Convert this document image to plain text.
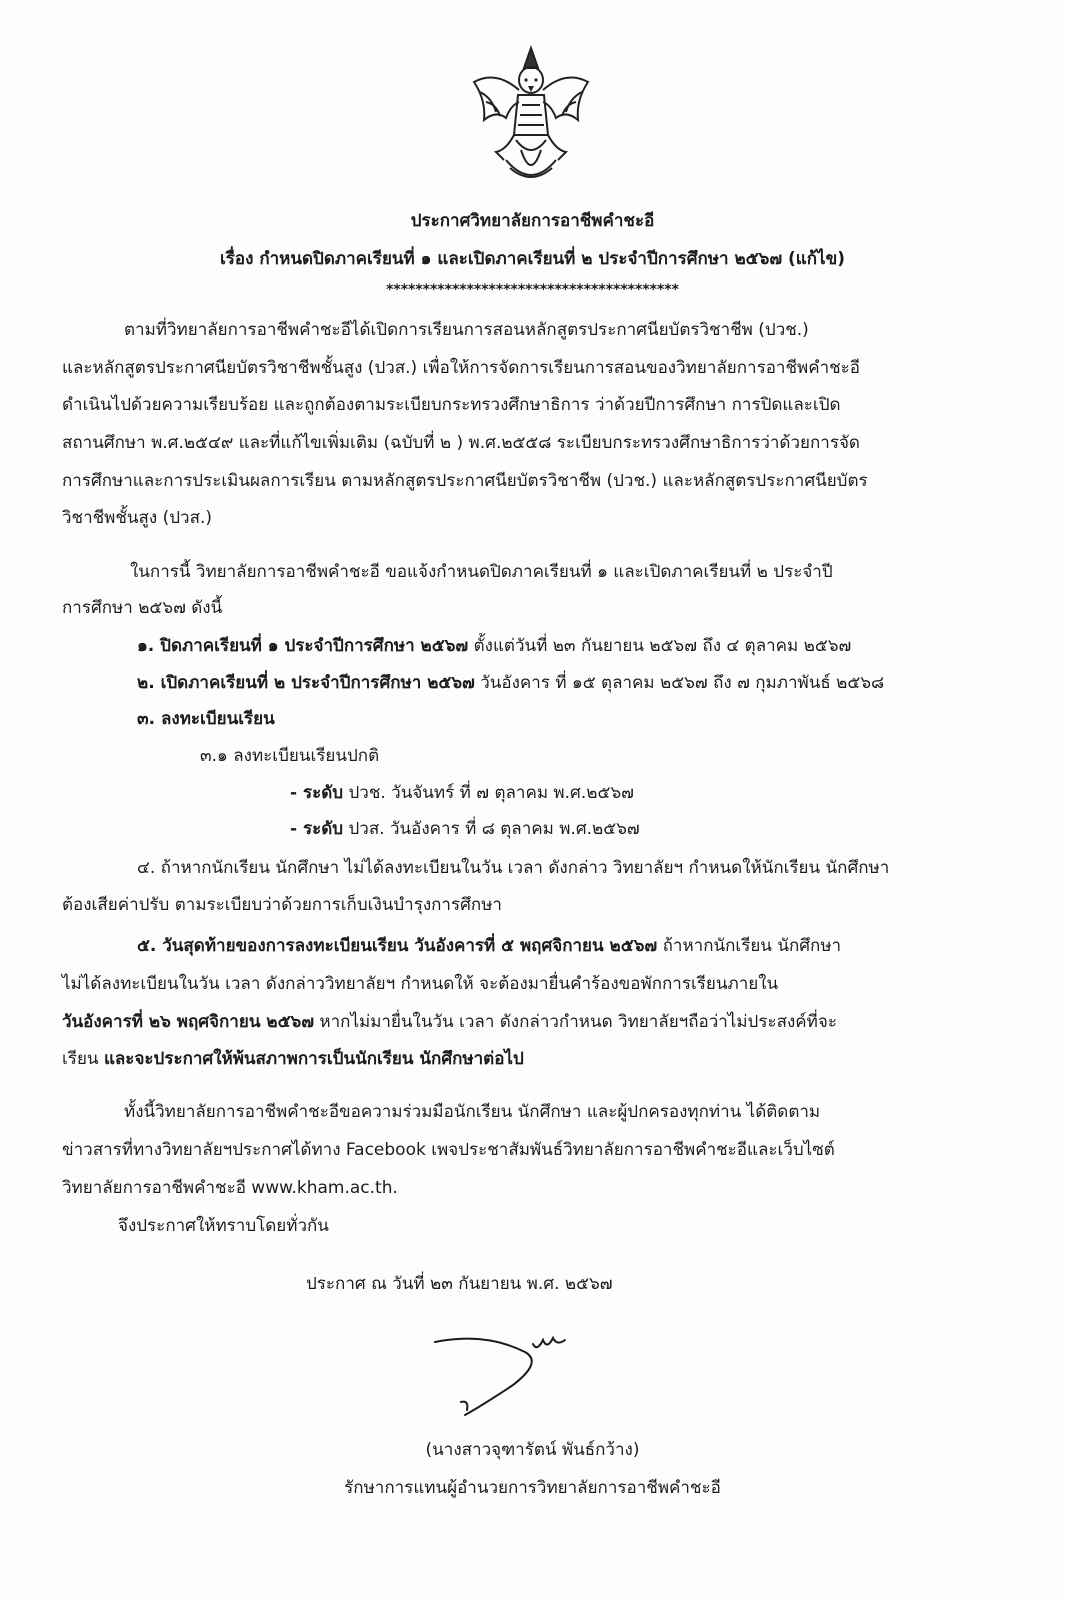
ประกาศวิทยาลัยการอาชีพคำชะอี
เรื่อง กำหนดปิดภาคเรียนที่ ๑ และเปิดภาคเรียนที่ ๒ ประจำปีการศึกษา ๒๕๖๗ (แก้ไข)
****************************************
ตามที่วิทยาลัยการอาชีพคำชะอีได้เปิดการเรียนการสอนหลักสูตรประกาศนียบัตรวิชาชีพ (ปวช.)
และหลักสูตรประกาศนียบัตรวิชาชีพชั้นสูง (ปวส.) เพื่อให้การจัดการเรียนการสอนของวิทยาลัยการอาชีพคำชะอี
ดำเนินไปด้วยความเรียบร้อย และถูกต้องตามระเบียบกระทรวงศึกษาธิการ ว่าด้วยปีการศึกษา การปิดและเปิด
สถานศึกษา พ.ศ.๒๕๔๙ และที่แก้ไขเพิ่มเติม (ฉบับที่ ๒ ) พ.ศ.๒๕๕๘ ระเบียบกระทรวงศึกษาธิการว่าด้วยการจัด
การศึกษาและการประเมินผลการเรียน ตามหลักสูตรประกาศนียบัตรวิชาชีพ (ปวช.) และหลักสูตรประกาศนียบัตร
วิชาชีพชั้นสูง (ปวส.)
ในการนี้ วิทยาลัยการอาชีพคำชะอี ขอแจ้งกำหนดปิดภาคเรียนที่ ๑ และเปิดภาคเรียนที่ ๒ ประจำปี
การศึกษา ๒๕๖๗ ดังนี้
๑. ปิดภาคเรียนที่ ๑ ประจำปีการศึกษา ๒๕๖๗ ตั้งแต่วันที่ ๒๓ กันยายน ๒๕๖๗ ถึง ๔ ตุลาคม ๒๕๖๗
๒. เปิดภาคเรียนที่ ๒ ประจำปีการศึกษา ๒๕๖๗ วันอังคาร ที่ ๑๕ ตุลาคม ๒๕๖๗ ถึง ๗ กุมภาพันธ์ ๒๕๖๘
๓. ลงทะเบียนเรียน
๓.๑ ลงทะเบียนเรียนปกติ
- ระดับ ปวช. วันจันทร์ ที่ ๗ ตุลาคม พ.ศ.๒๕๖๗
- ระดับ ปวส. วันอังคาร ที่ ๘ ตุลาคม พ.ศ.๒๕๖๗
๔. ถ้าหากนักเรียน นักศึกษา ไม่ได้ลงทะเบียนในวัน เวลา ดังกล่าว วิทยาลัยฯ กำหนดให้นักเรียน นักศึกษา
ต้องเสียค่าปรับ ตามระเบียบว่าด้วยการเก็บเงินบำรุงการศึกษา
๕. วันสุดท้ายของการลงทะเบียนเรียน วันอังคารที่ ๕ พฤศจิกายน ๒๕๖๗ ถ้าหากนักเรียน นักศึกษา
ไม่ได้ลงทะเบียนในวัน เวลา ดังกล่าววิทยาลัยฯ กำหนดให้ จะต้องมายื่นคำร้องขอพักการเรียนภายใน
วันอังคารที่ ๒๖ พฤศจิกายน ๒๕๖๗ หากไม่มายื่นในวัน เวลา ดังกล่าวกำหนด วิทยาลัยฯถือว่าไม่ประสงค์ที่จะ
เรียน และจะประกาศให้พ้นสภาพการเป็นนักเรียน นักศึกษาต่อไป
ทั้งนี้วิทยาลัยการอาชีพคำชะอีขอความร่วมมือนักเรียน นักศึกษา และผู้ปกครองทุกท่าน ได้ติดตาม
ข่าวสารที่ทางวิทยาลัยฯประกาศได้ทาง Facebook เพจประชาสัมพันธ์วิทยาลัยการอาชีพคำชะอีและเว็บไซต์
วิทยาลัยการอาชีพคำชะอี www.kham.ac.th.
จึงประกาศให้ทราบโดยทั่วกัน
ประกาศ ณ วันที่ ๒๓ กันยายน พ.ศ. ๒๕๖๗
(นางสาวจุฑารัตน์ พันธ์กว้าง)
รักษาการแทนผู้อำนวยการวิทยาลัยการอาชีพคำชะอี
